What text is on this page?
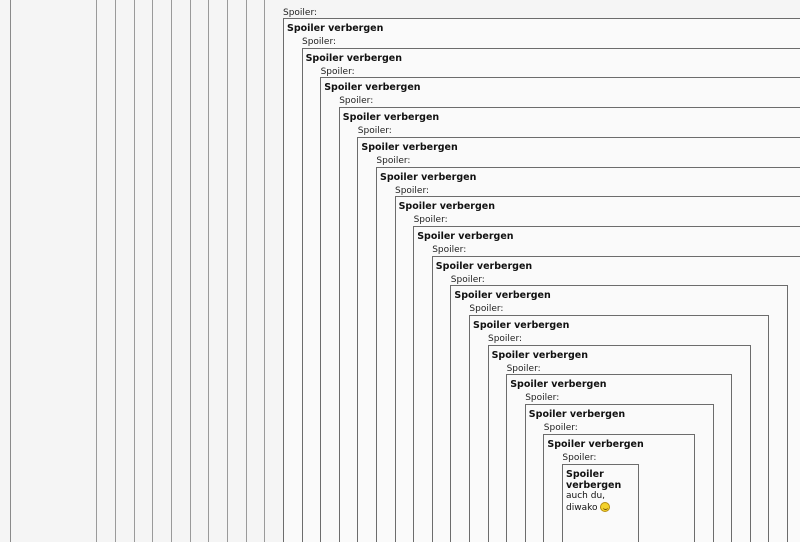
Spoiler:
Spoiler verbergen
Spoiler:
Spoiler verbergen
Spoiler:
Spoiler verbergen
Spoiler:
Spoiler verbergen
Spoiler:
Spoiler verbergen
Spoiler:
Spoiler verbergen
Spoiler:
Spoiler verbergen
Spoiler:
Spoiler verbergen
Spoiler:
Spoiler verbergen
Spoiler:
Spoiler verbergen
Spoiler:
Spoiler verbergen
Spoiler:
Spoiler verbergen
Spoiler:
Spoiler verbergen
Spoiler:
Spoiler verbergen
Spoiler:
Spoiler verbergen
Spoiler:
Spoiler
verbergen

auch du,
diwako
